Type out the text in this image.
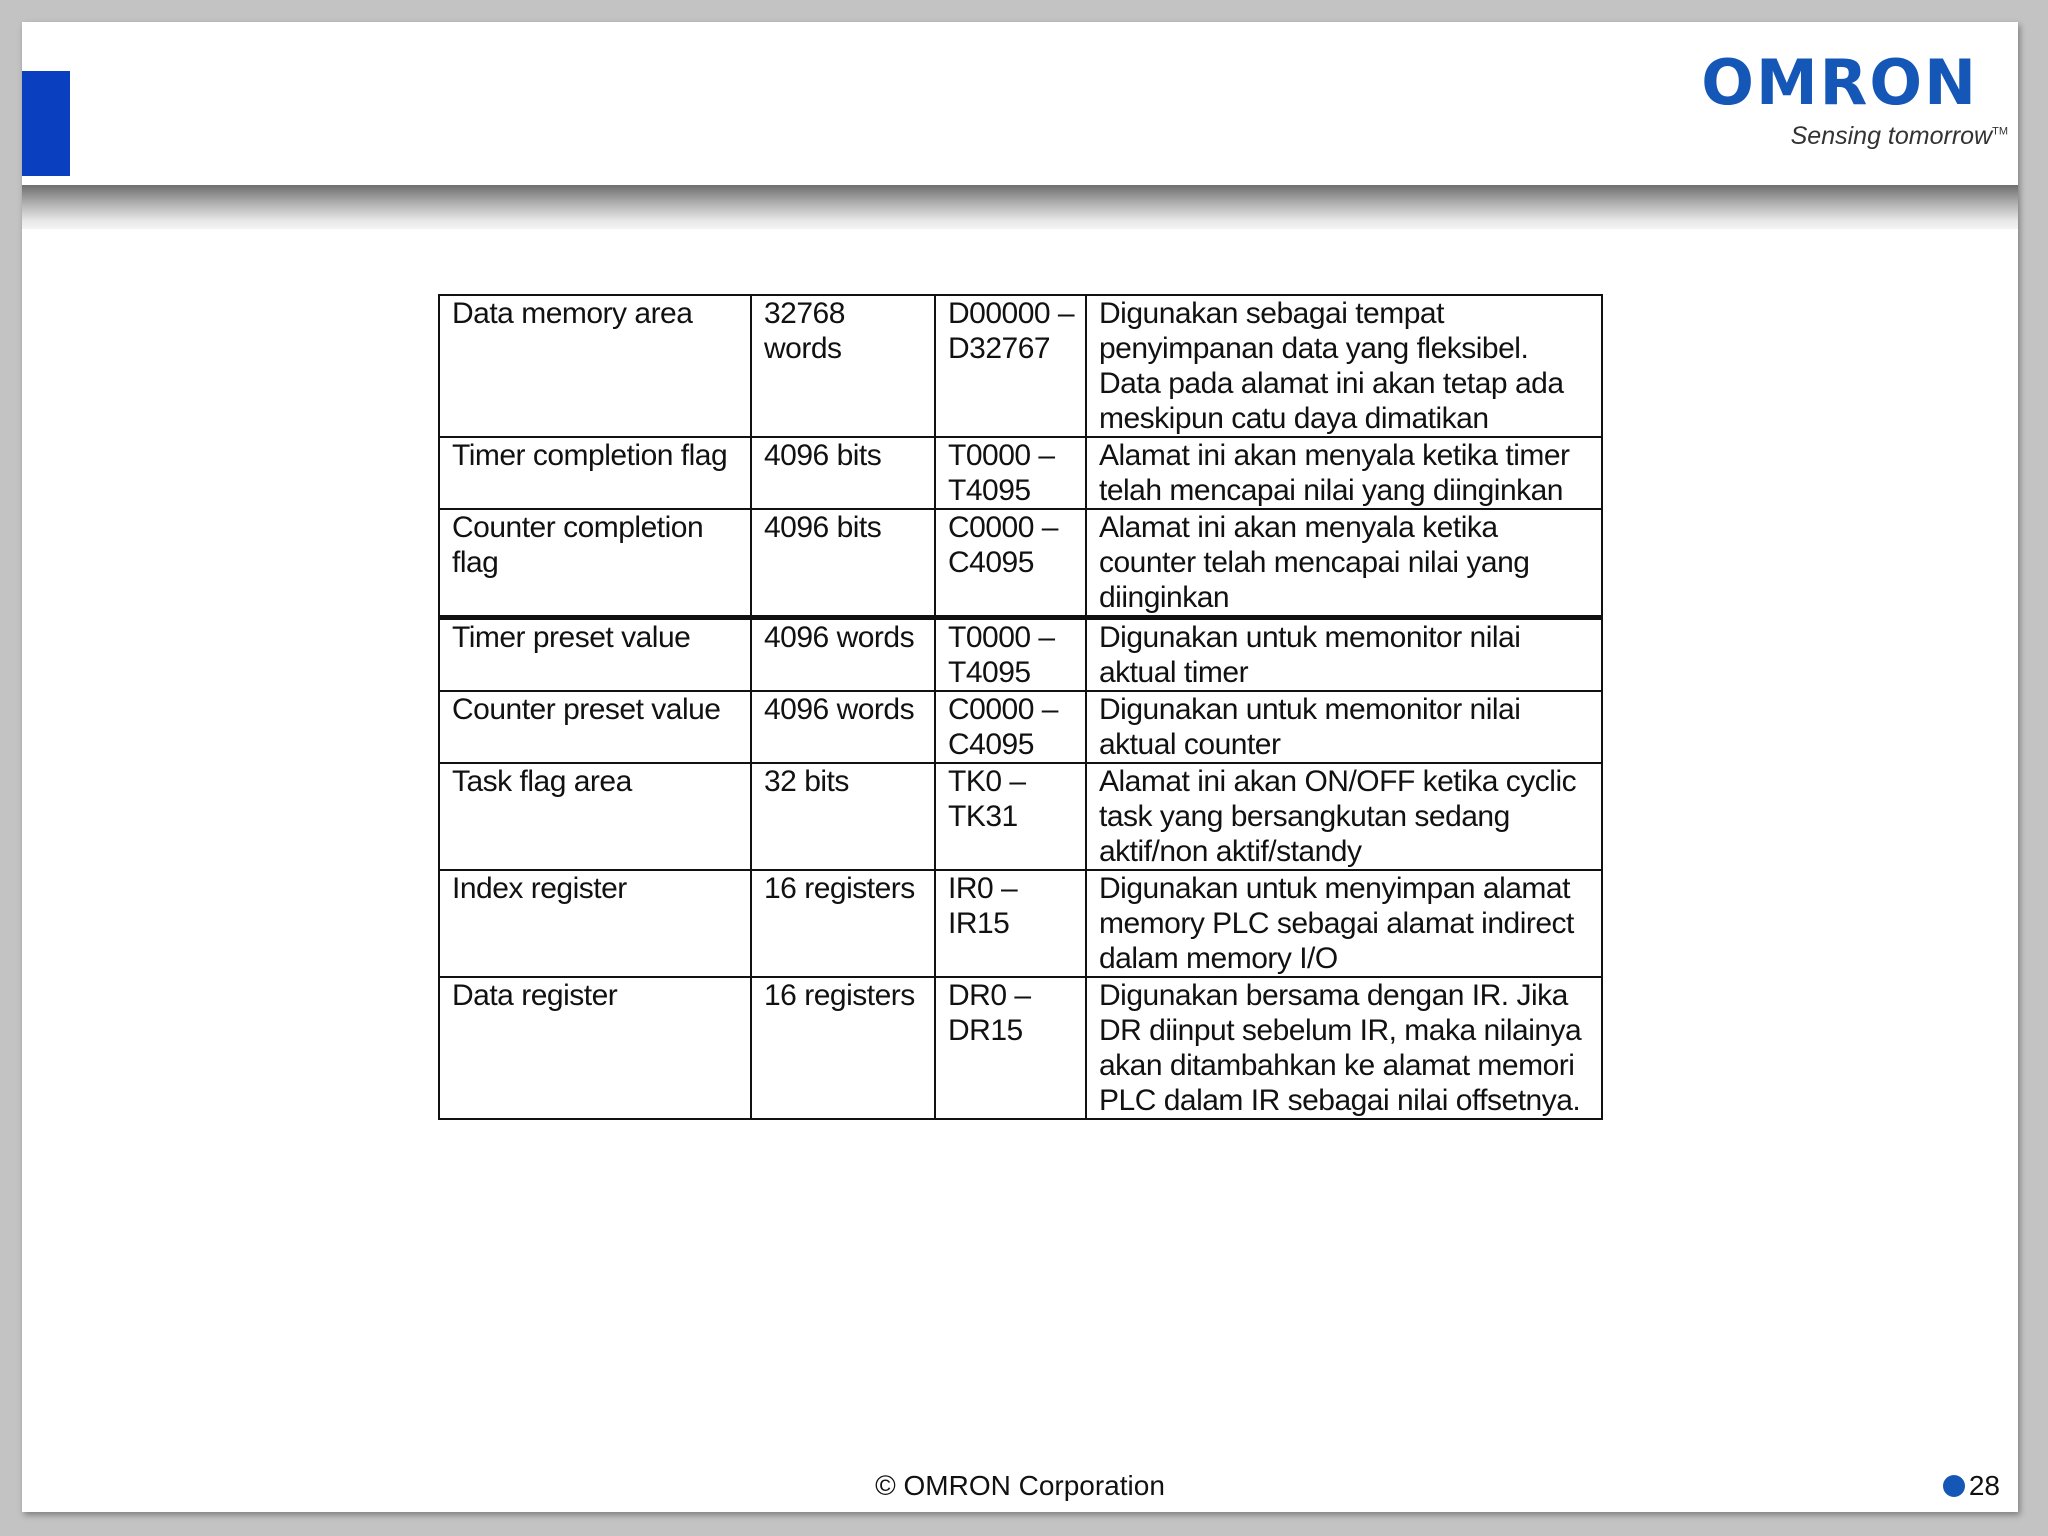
OMRON
Sensing tomorrow™
Data memory area	32768 words	D00000 – D32767	Digunakan sebagai tempat penyimpanan data yang fleksibel. Data pada alamat ini akan tetap ada meskipun catu daya dimatikan
Timer completion flag	4096 bits	T0000 – T4095	Alamat ini akan menyala ketika timer telah mencapai nilai yang diinginkan
Counter completion flag	4096 bits	C0000 – C4095	Alamat ini akan menyala ketika counter telah mencapai nilai yang diinginkan
Timer preset value	4096 words	T0000 – T4095	Digunakan untuk memonitor nilai aktual timer
Counter preset value	4096 words	C0000 – C4095	Digunakan untuk memonitor nilai aktual counter
Task flag area	32 bits	TK0 – TK31	Alamat ini akan ON/OFF ketika cyclic task yang bersangkutan sedang aktif/non aktif/standy
Index register	16 registers	IR0 – IR15	Digunakan untuk menyimpan alamat memory PLC sebagai alamat indirect dalam memory I/O
Data register	16 registers	DR0 – DR15	Digunakan bersama dengan IR. Jika DR diinput sebelum IR, maka nilainya akan ditambahkan ke alamat memori PLC dalam IR sebagai nilai offsetnya.
© OMRON Corporation	28
